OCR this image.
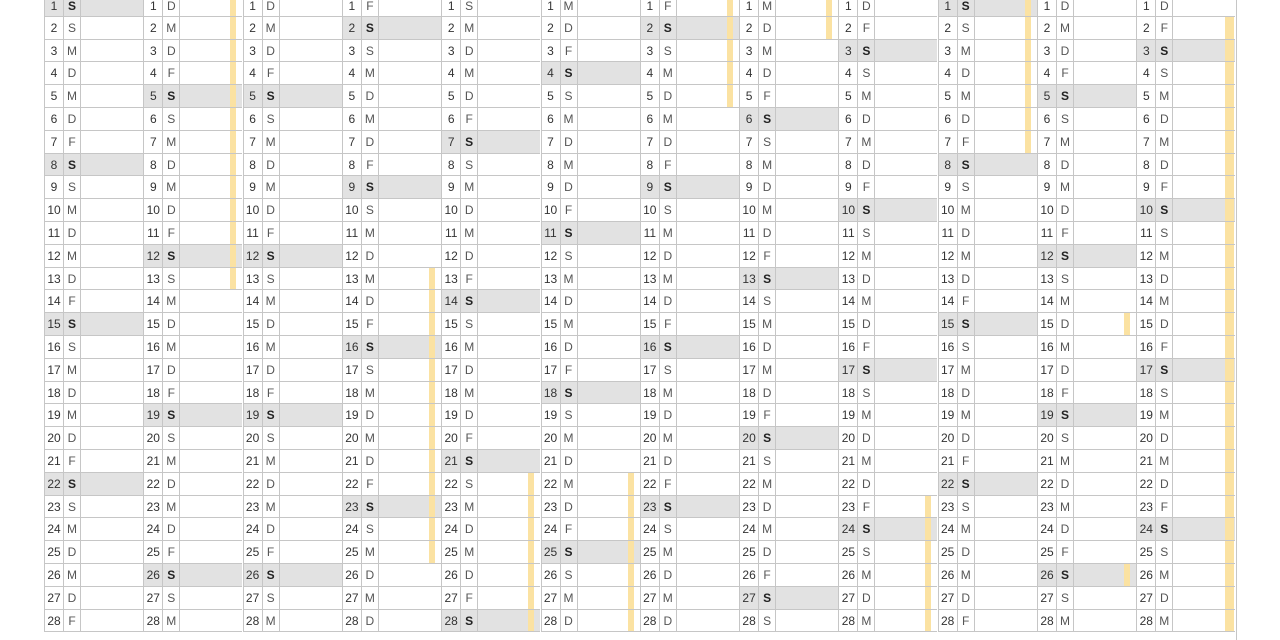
1 S
2 S
3 M
4 D
5 M
6 D
7 F
8 S
9 S
10 M
11 D
12 M
13 D
14 F
15 S
16 S
17 M
18 D
19 M
20 D
21 F
22 S
23 S
24 M
25 D
26 M
27 D
28 F
1 D
2 M
3 D
4 F
5 S
6 S
7 M
8 D
9 M
10 D
11 F
12 S
13 S
14 M
15 D
16 M
17 D
18 F
19 S
20 S
21 M
22 D
23 M
24 D
25 F
26 S
27 S
28 M
1 D
2 M
3 D
4 F
5 S
6 S
7 M
8 D
9 M
10 D
11 F
12 S
13 S
14 M
15 D
16 M
17 D
18 F
19 S
20 S
21 M
22 D
23 M
24 D
25 F
26 S
27 S
28 M
1 F
2 S
3 S
4 M
5 D
6 M
7 D
8 F
9 S
10 S
11 M
12 D
13 M
14 D
15 F
16 S
17 S
18 M
19 D
20 M
21 D
22 F
23 S
24 S
25 M
26 D
27 M
28 D
1 S
2 M
3 D
4 M
5 D
6 F
7 S
8 S
9 M
10 D
11 M
12 D
13 F
14 S
15 S
16 M
17 D
18 M
19 D
20 F
21 S
22 S
23 M
24 D
25 M
26 D
27 F
28 S
1 M
2 D
3 F
4 S
5 S
6 M
7 D
8 M
9 D
10 F
11 S
12 S
13 M
14 D
15 M
16 D
17 F
18 S
19 S
20 M
21 D
22 M
23 D
24 F
25 S
26 S
27 M
28 D
1 F
2 S
3 S
4 M
5 D
6 M
7 D
8 F
9 S
10 S
11 M
12 D
13 M
14 D
15 F
16 S
17 S
18 M
19 D
20 M
21 D
22 F
23 S
24 S
25 M
26 D
27 M
28 D
1 M
2 D
3 M
4 D
5 F
6 S
7 S
8 M
9 D
10 M
11 D
12 F
13 S
14 S
15 M
16 D
17 M
18 D
19 F
20 S
21 S
22 M
23 D
24 M
25 D
26 F
27 S
28 S
1 D
2 F
3 S
4 S
5 M
6 D
7 M
8 D
9 F
10 S
11 S
12 M
13 D
14 M
15 D
16 F
17 S
18 S
19 M
20 D
21 M
22 D
23 F
24 S
25 S
26 M
27 D
28 M
1 S
2 S
3 M
4 D
5 M
6 D
7 F
8 S
9 S
10 M
11 D
12 M
13 D
14 F
15 S
16 S
17 M
18 D
19 M
20 D
21 F
22 S
23 S
24 M
25 D
26 M
27 D
28 F
1 D
2 M
3 D
4 F
5 S
6 S
7 M
8 D
9 M
10 D
11 F
12 S
13 S
14 M
15 D
16 M
17 D
18 F
19 S
20 S
21 M
22 D
23 M
24 D
25 F
26 S
27 S
28 M
1 D
2 F
3 S
4 S
5 M
6 D
7 M
8 D
9 F
10 S
11 S
12 M
13 D
14 M
15 D
16 F
17 S
18 S
19 M
20 D
21 M
22 D
23 F
24 S
25 S
26 M
27 D
28 M
